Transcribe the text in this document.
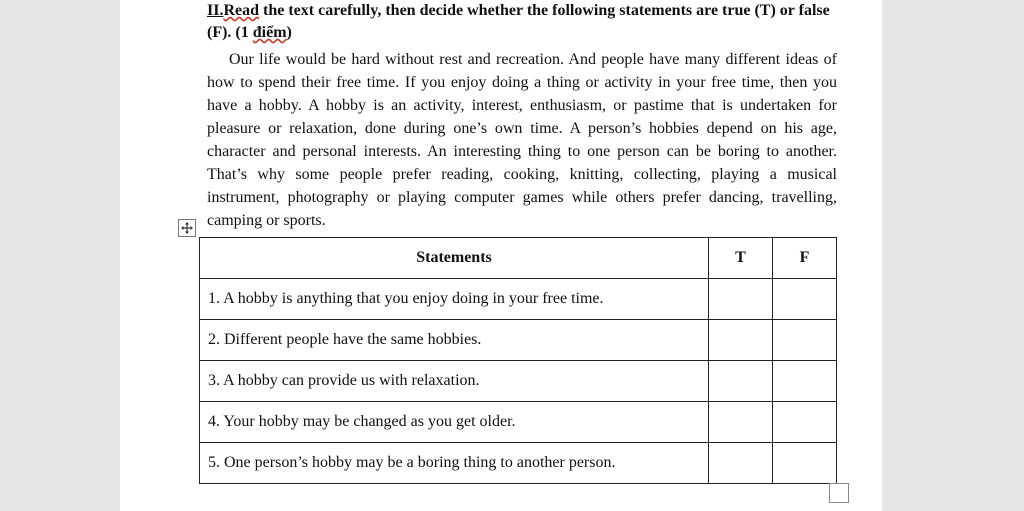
II.Read the text carefully, then decide whether the following statements are true (T) or false (F). (1 điểm)
Our life would be hard without rest and recreation. And people have many different ideas of how to spend their free time. If you enjoy doing a thing or activity in your free time, then you have a hobby. A hobby is an activity, interest, enthusiasm, or pastime that is undertaken for pleasure or relaxation, done during one’s own time. A person’s hobbies depend on his age, character and personal interests. An interesting thing to one person can be boring to another. That’s why some people prefer reading, cooking, knitting, collecting, playing a musical instrument, photography or playing computer games while others prefer dancing, travelling, camping or sports.
Statements	T	F
1. A hobby is anything that you enjoy doing in your free time.		
2. Different people have the same hobbies.		
3. A hobby can provide us with relaxation.		
4. Your hobby may be changed as you get older.		
5. One person’s hobby may be a boring thing to another person.		
